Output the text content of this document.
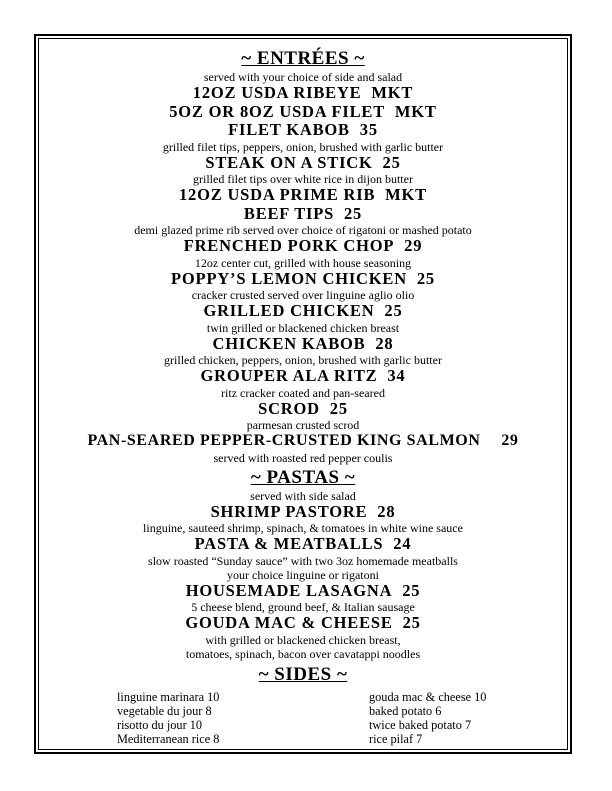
~ ENTRÉES ~

served with your choice of side and salad

12OZ USDA RIBEYE MKT

5OZ OR 8OZ USDA FILET MKT

FILET KABOB 35

grilled filet tips, peppers, onion, brushed with garlic butter

STEAK ON A STICK 25

grilled filet tips over white rice in dijon butter

12OZ USDA PRIME RIB MKT

BEEF TIPS 25

demi glazed prime rib served over choice of rigatoni or mashed potato

FRENCHED PORK CHOP 29

12oz center cut, grilled with house seasoning

POPPY’S LEMON CHICKEN 25

cracker crusted served over linguine aglio olio

GRILLED CHICKEN 25

twin grilled or blackened chicken breast

CHICKEN KABOB 28

grilled chicken, peppers, onion, brushed with garlic butter

GROUPER ALA RITZ 34

ritz cracker coated and pan-seared

SCROD 25

parmesan crusted scrod

PAN-SEARED PEPPER-CRUSTED KING SALMON 29

served with roasted red pepper coulis

~ PASTAS ~

served with side salad

SHRIMP PASTORE 28

linguine, sauteed shrimp, spinach, & tomatoes in white wine sauce

PASTA & MEATBALLS 24

slow roasted “Sunday sauce” with two 3oz homemade meatballs

your choice linguine or rigatoni

HOUSEMADE LASAGNA 25

5 cheese blend, ground beef, & Italian sausage

GOUDA MAC & CHEESE 25

with grilled or blackened chicken breast,

tomatoes, spinach, bacon over cavatappi noodles

~ SIDES ~

linguine marinara 10
vegetable du jour 8
risotto du jour 10
Mediterranean rice 8
gouda mac & cheese 10
baked potato 6
twice baked potato 7
rice pilaf 7
